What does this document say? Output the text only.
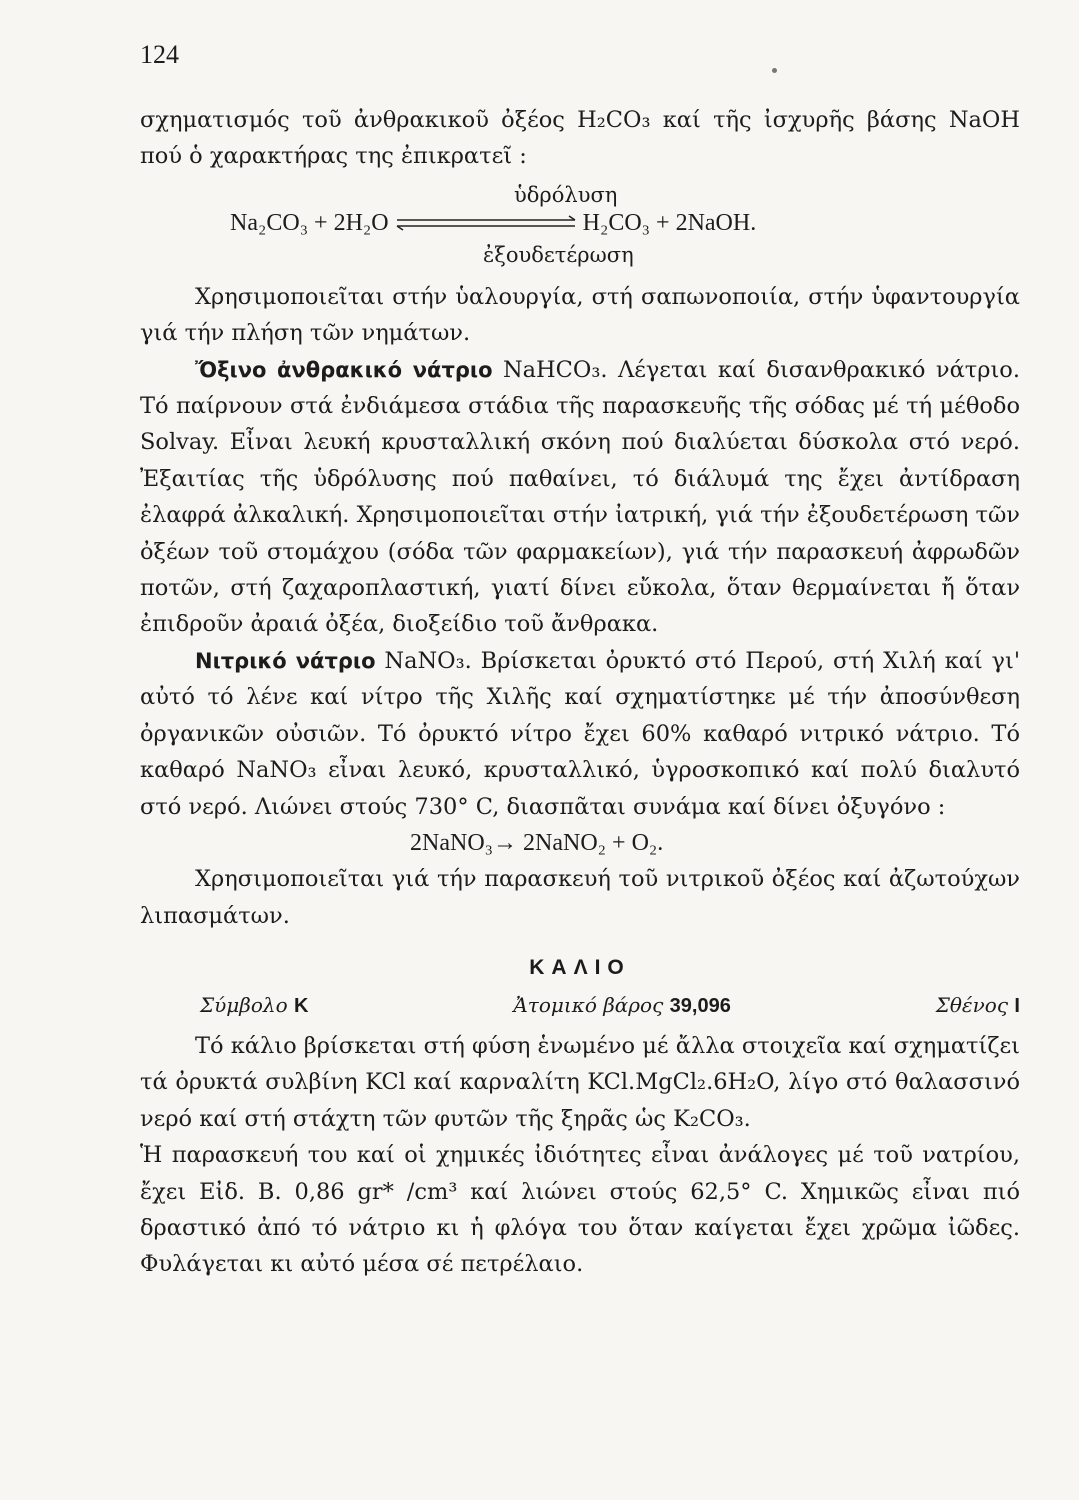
124

σχηματισμός τοῦ ἀνθρακικοῦ ὀξέος H₂CO₃ καί τῆς ἰσχυρῆς βάσης NaOH πού ὁ χαρακτήρας της ἐπικρατεῖ :

ὑδρόλυση
Na₂CO₃ + 2H₂O	H₂CO₃ + 2NaOH.
ἐξουδετέρωση

Χρησιμοποιεῖται στήν ὑαλουργία, στή σαπωνοποιία, στήν ὑφαντουργία γιά τήν πλήση τῶν νημάτων.

Ὄξινο ἀνθρακικό νάτριο NaHCO₃. Λέγεται καί δισανθρακικό νάτριο. Τό παίρνουν στά ἐνδιάμεσα στάδια τῆς παρασκευῆς τῆς σόδας μέ τή μέθοδο Solvay. Εἶναι λευκή κρυσταλλική σκόνη πού διαλύεται δύσκολα στό νερό. Ἐξαιτίας τῆς ὑδρόλυσης πού παθαίνει, τό διάλυμά της ἔχει ἀντίδραση ἐλαφρά ἀλκαλική. Χρησιμοποιεῖται στήν ἰατρική, γιά τήν ἐξουδετέρωση τῶν ὀξέων τοῦ στομάχου (σόδα τῶν φαρμακείων), γιά τήν παρασκευή ἀφρωδῶν ποτῶν, στή ζαχαροπλαστική, γιατί δίνει εὔκολα, ὅταν θερμαίνεται ἤ ὅταν ἐπιδροῦν ἀραιά ὀξέα, διοξείδιο τοῦ ἄνθρακα.

Νιτρικό νάτριο NaNO₃. Βρίσκεται ὀρυκτό στό Περού, στή Χιλή καί γι' αὐτό τό λένε καί νίτρο τῆς Χιλῆς καί σχηματίστηκε μέ τήν ἀποσύνθεση ὀργανικῶν οὐσιῶν. Τό ὀρυκτό νίτρο ἔχει 60% καθαρό νιτρικό νάτριο. Τό καθαρό NaNO₃ εἶναι λευκό, κρυσταλλικό, ὑγροσκοπικό καί πολύ διαλυτό στό νερό. Λιώνει στούς 730° C, διασπᾶται συνάμα καί δίνει ὀξυγόνο :

2NaNO₃→ 2NaNO₂ + O₂.

Χρησιμοποιεῖται γιά τήν παρασκευή τοῦ νιτρικοῦ ὀξέος καί ἀζωτούχων λιπασμάτων.

ΚΑΛΙΟ
Σύμβολο K	Ἀτομικό βάρος 39,096	Σθένος I

Τό κάλιο βρίσκεται στή φύση ἑνωμένο μέ ἄλλα στοιχεῖα καί σχηματίζει τά ὀρυκτά συλβίνη KCl καί καρναλίτη KCl.MgCl₂.6H₂O, λίγο στό θαλασσινό νερό καί στή στάχτη τῶν φυτῶν τῆς ξηρᾶς ὡς K₂CO₃.

Ἡ παρασκευή του καί οἱ χημικές ἰδιότητες εἶναι ἀνάλογες μέ τοῦ νατρίου, ἔχει Εἰδ. Β. 0,86 gr* /cm³ καί λιώνει στούς 62,5° C. Χημικῶς εἶναι πιό δραστικό ἀπό τό νάτριο κι ἡ φλόγα του ὅταν καίγεται ἔχει χρῶμα ἰῶδες. Φυλάγεται κι αὐτό μέσα σέ πετρέλαιο.
